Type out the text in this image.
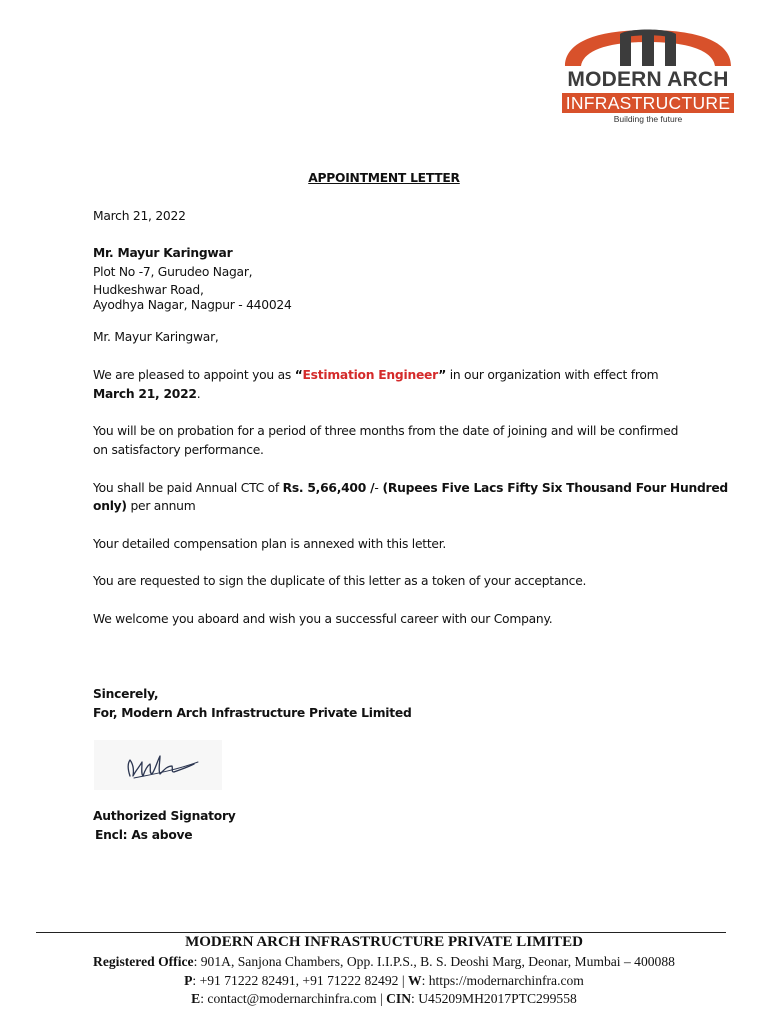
MODERN ARCH
INFRASTRUCTURE
Building the future
APPOINTMENT LETTER
March 21, 2022
Mr. Mayur Karingwar
Plot No -7, Gurudeo Nagar,
Hudkeshwar Road,
Ayodhya Nagar, Nagpur - 440024
Mr. Mayur Karingwar,
We are pleased to appoint you as “Estimation Engineer” in our organization with effect from
March 21, 2022.
You will be on probation for a period of three months from the date of joining and will be confirmed
on satisfactory performance.
You shall be paid Annual CTC of Rs. 5,66,400 /- (Rupees Five Lacs Fifty Six Thousand Four Hundred
only) per annum
Your detailed compensation plan is annexed with this letter.
You are requested to sign the duplicate of this letter as a token of your acceptance.
We welcome you aboard and wish you a successful career with our Company.
Sincerely,
For, Modern Arch Infrastructure Private Limited
Authorized Signatory
Encl: As above
MODERN ARCH INFRASTRUCTURE PRIVATE LIMITED
Registered Office: 901A, Sanjona Chambers, Opp. I.I.P.S., B. S. Deoshi Marg, Deonar, Mumbai – 400088
P: +91 71222 82491, +91 71222 82492 | W: https://modernarchinfra.com
E: contact@modernarchinfra.com | CIN: U45209MH2017PTC299558
